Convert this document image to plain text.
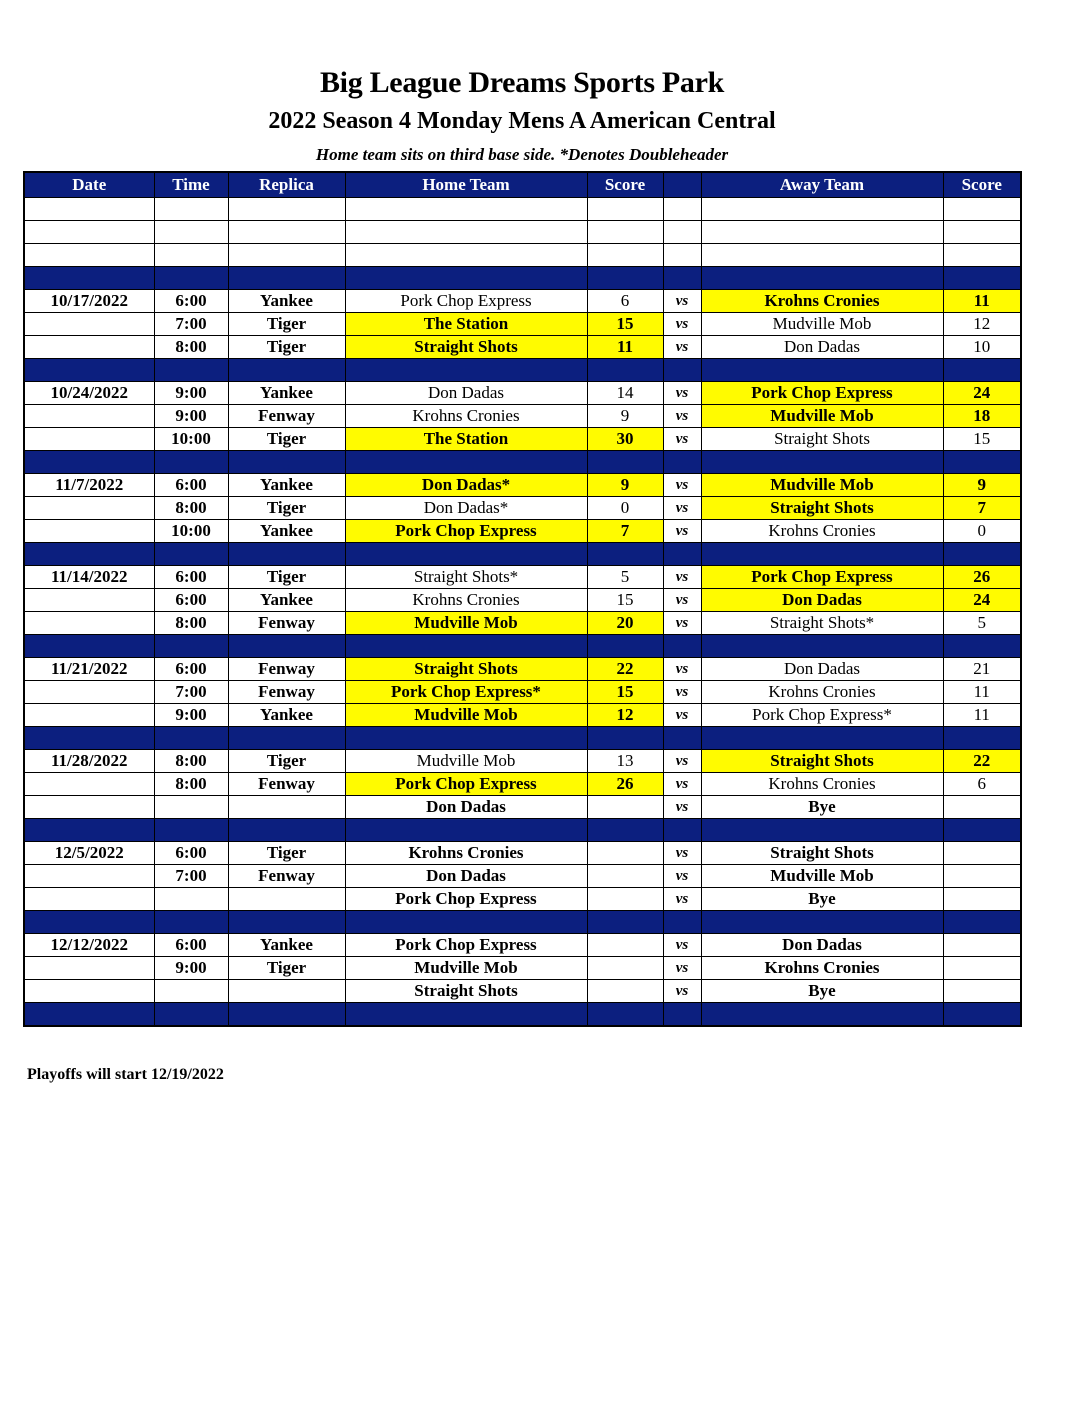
Big League Dreams Sports Park
2022 Season 4 Monday Mens A American Central
Home team sits on third base side. *Denotes Doubleheader
Date	Time	Replica	Home Team	Score		Away Team	Score

10/17/2022	6:00	Yankee	Pork Chop Express	6	vs	Krohns Cronies	11
	7:00	Tiger	The Station	15	vs	Mudville Mob	12
	8:00	Tiger	Straight Shots	11	vs	Don Dadas	10

10/24/2022	9:00	Yankee	Don Dadas	14	vs	Pork Chop Express	24
	9:00	Fenway	Krohns Cronies	9	vs	Mudville Mob	18
	10:00	Tiger	The Station	30	vs	Straight Shots	15

11/7/2022	6:00	Yankee	Don Dadas*	9	vs	Mudville Mob	9
	8:00	Tiger	Don Dadas*	0	vs	Straight Shots	7
	10:00	Yankee	Pork Chop Express	7	vs	Krohns Cronies	0

11/14/2022	6:00	Tiger	Straight Shots*	5	vs	Pork Chop Express	26
	6:00	Yankee	Krohns Cronies	15	vs	Don Dadas	24
	8:00	Fenway	Mudville Mob	20	vs	Straight Shots*	5

11/21/2022	6:00	Fenway	Straight Shots	22	vs	Don Dadas	21
	7:00	Fenway	Pork Chop Express*	15	vs	Krohns Cronies	11
	9:00	Yankee	Mudville Mob	12	vs	Pork Chop Express*	11

11/28/2022	8:00	Tiger	Mudville Mob	13	vs	Straight Shots	22
	8:00	Fenway	Pork Chop Express	26	vs	Krohns Cronies	6
			Don Dadas		vs	Bye	

12/5/2022	6:00	Tiger	Krohns Cronies		vs	Straight Shots	
	7:00	Fenway	Don Dadas		vs	Mudville Mob	
			Pork Chop Express		vs	Bye	

12/12/2022	6:00	Yankee	Pork Chop Express		vs	Don Dadas	
	9:00	Tiger	Mudville Mob		vs	Krohns Cronies	
			Straight Shots		vs	Bye	

Playoffs will start 12/19/2022
